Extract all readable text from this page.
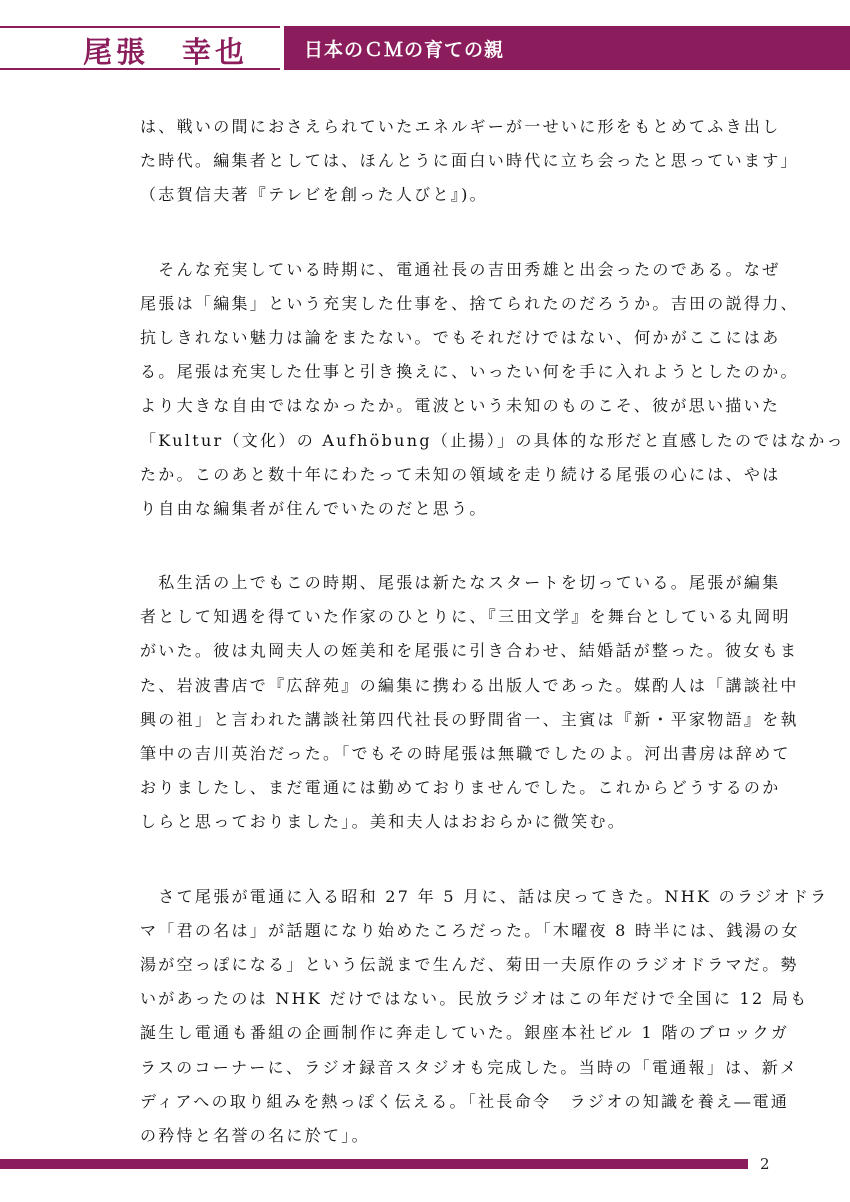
尾張　幸也	日本のＣＭの育ての親
は、戦いの間におさえられていたエネルギーが一せいに形をもとめてふき出し
た時代。編集者としては、ほんとうに面白い時代に立ち会ったと思っています」
（志賀信夫著『テレビを創った人びと』)。
　そんな充実している時期に、電通社長の吉田秀雄と出会ったのである。なぜ
尾張は「編集」という充実した仕事を、捨てられたのだろうか。吉田の説得力、
抗しきれない魅力は論をまたない。でもそれだけではない、何かがここにはあ
る。尾張は充実した仕事と引き換えに、いったい何を手に入れようとしたのか。
より大きな自由ではなかったか。電波という未知のものこそ、彼が思い描いた
「Kultur（文化）の Aufhöbung（止揚）」の具体的な形だと直感したのではなかっ
たか。このあと数十年にわたって未知の領域を走り続ける尾張の心には、やは
り自由な編集者が住んでいたのだと思う。
　私生活の上でもこの時期、尾張は新たなスタートを切っている。尾張が編集
者として知遇を得ていた作家のひとりに、『三田文学』を舞台としている丸岡明
がいた。彼は丸岡夫人の姪美和を尾張に引き合わせ、結婚話が整った。彼女もま
た、岩波書店で『広辞苑』の編集に携わる出版人であった。媒酌人は「講談社中
興の祖」と言われた講談社第四代社長の野間省一、主賓は『新・平家物語』を執
筆中の吉川英治だった。「でもその時尾張は無職でしたのよ。河出書房は辞めて
おりましたし、まだ電通には勤めておりませんでした。これからどうするのか
しらと思っておりました」。美和夫人はおおらかに微笑む。
　さて尾張が電通に入る昭和 27 年 5 月に、話は戻ってきた。NHK のラジオドラ
マ「君の名は」が話題になり始めたころだった。「木曜夜 8 時半には、銭湯の女
湯が空っぽになる」という伝説まで生んだ、菊田一夫原作のラジオドラマだ。勢
いがあったのは NHK だけではない。民放ラジオはこの年だけで全国に 12 局も
誕生し電通も番組の企画制作に奔走していた。銀座本社ビル 1 階のブロックガ
ラスのコーナーに、ラジオ録音スタジオも完成した。当時の「電通報」は、新メ
ディアへの取り組みを熱っぽく伝える。「社長命令　ラジオの知識を養え―電通
の矜恃と名誉の名に於て」。
2
